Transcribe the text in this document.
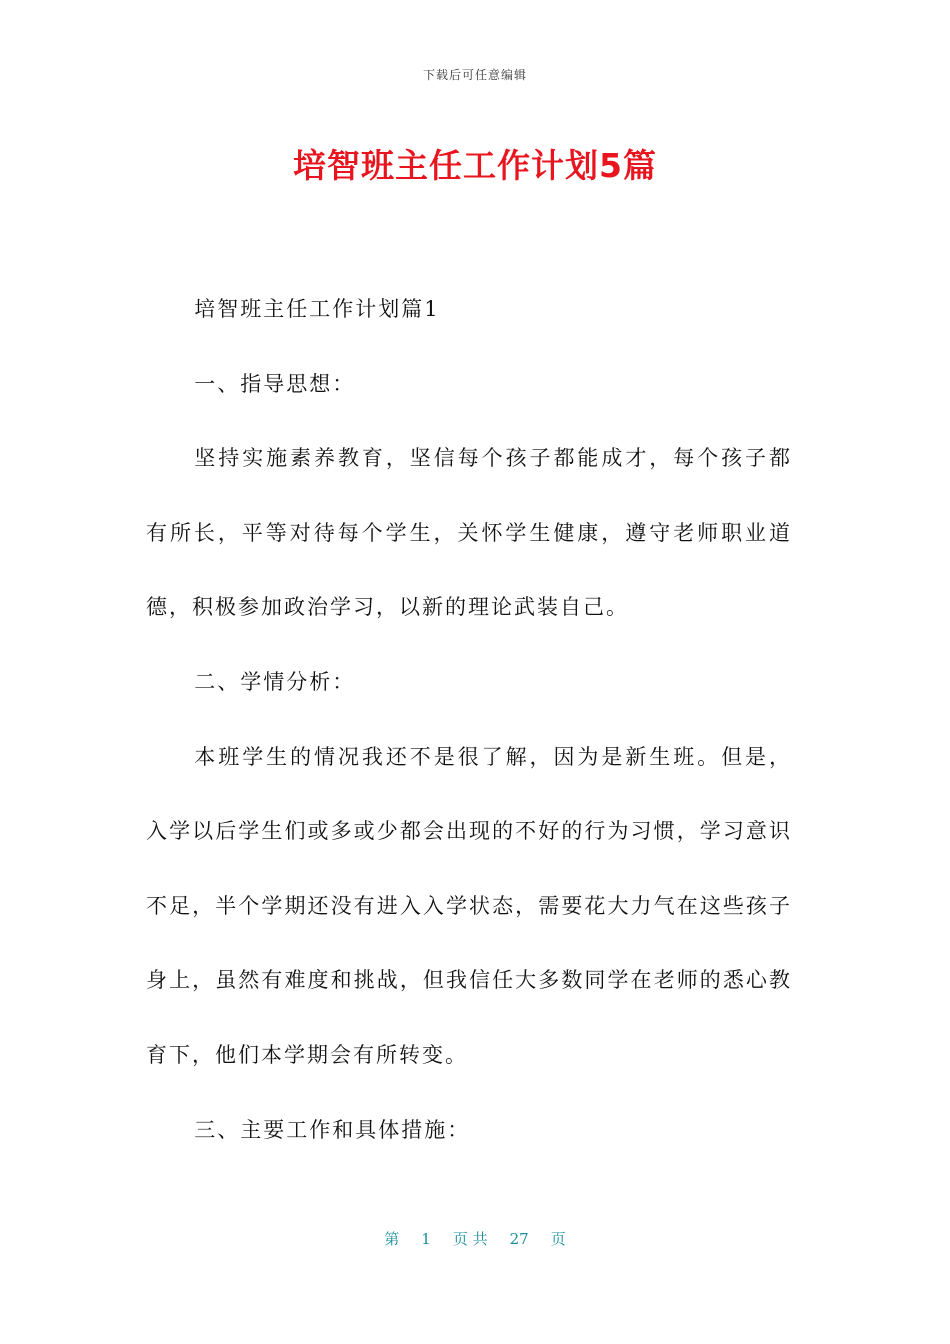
下载后可任意编辑
培智班主任工作计划5篇

培智班主任工作计划篇1

一、指导思想：

坚持实施素养教育，坚信每个孩子都能成才，每个孩子都有所长，平等对待每个学生，关怀学生健康，遵守老师职业道德，积极参加政治学习，以新的理论武装自己。

二、学情分析：

本班学生的情况我还不是很了解，因为是新生班。但是，入学以后学生们或多或少都会出现的不好的行为习惯，学习意识不足，半个学期还没有进入入学状态，需要花大力气在这些孩子身上，虽然有难度和挑战，但我信任大多数同学在老师的悉心教育下，他们本学期会有所转变。

三、主要工作和具体措施：

第 1 页 共 27 页
